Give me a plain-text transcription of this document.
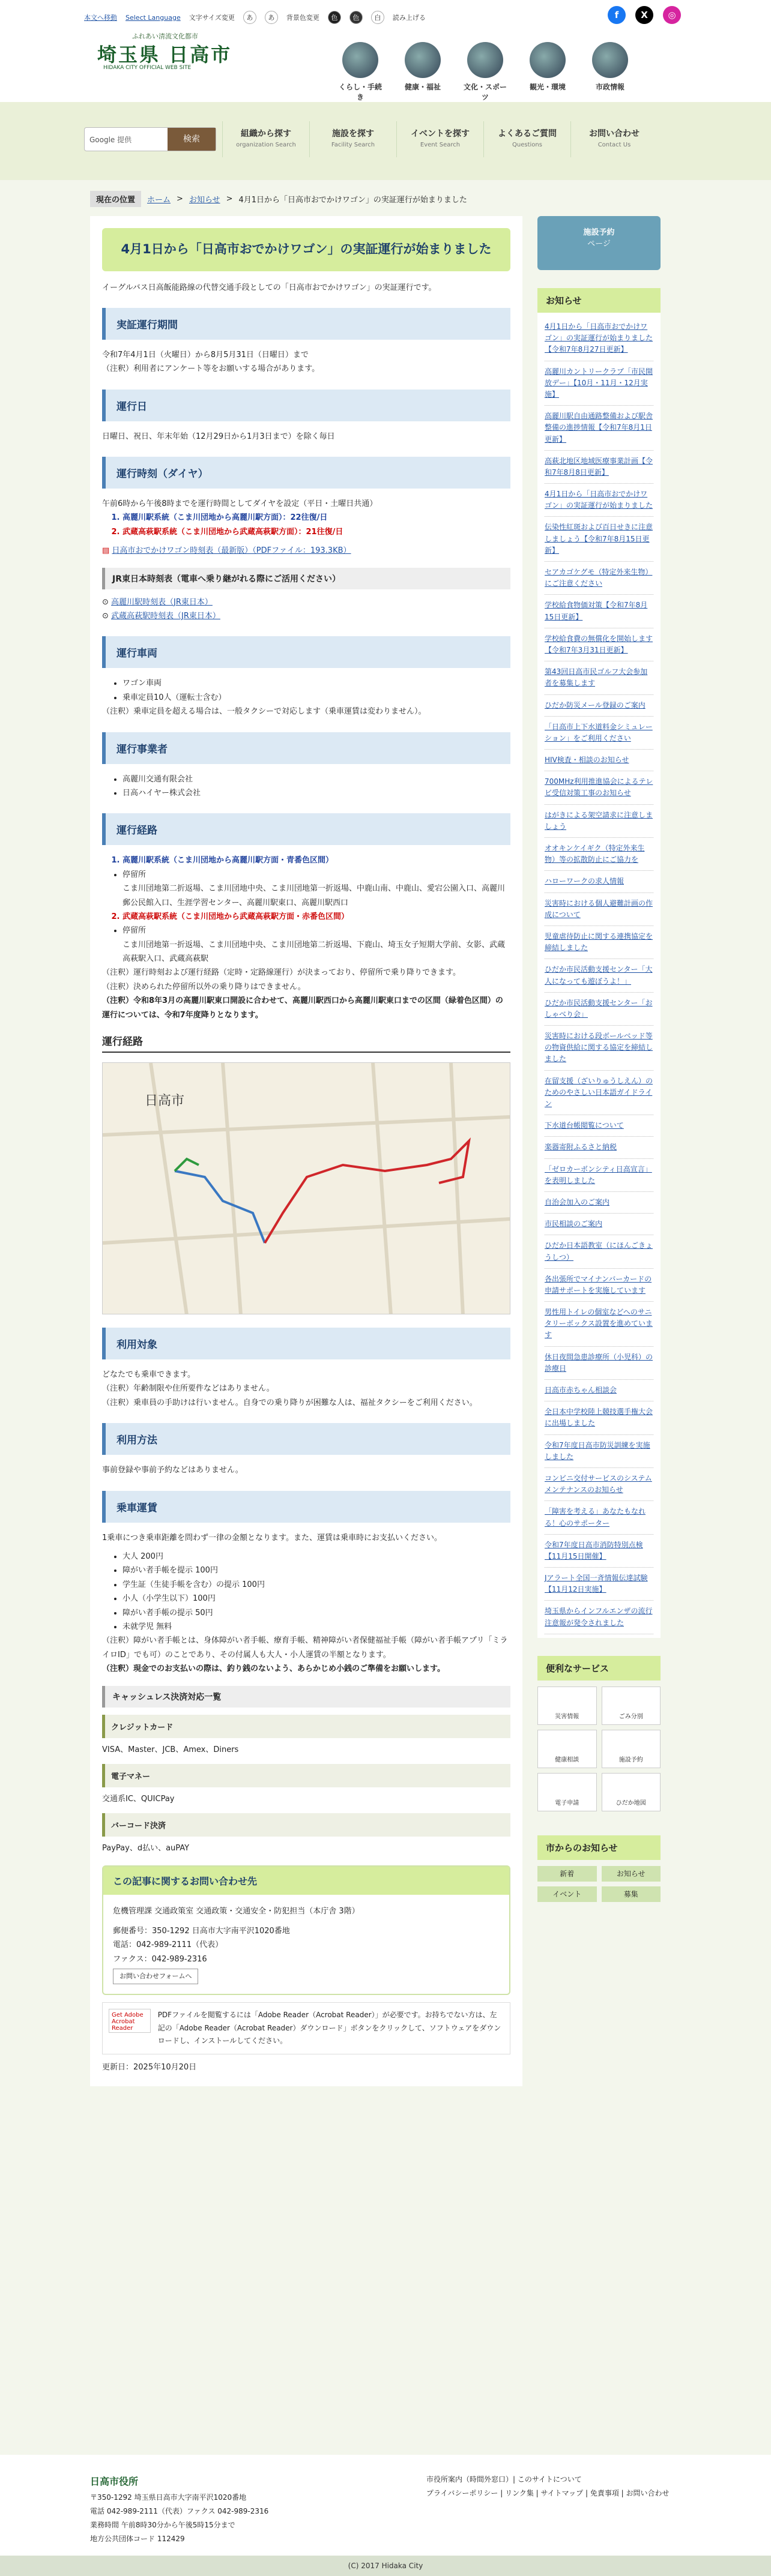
本文へ移動 Select Language 文字サイズ変更	あ	あ	背景色変更	色	色	白	読み上げる	f	X	◎
ふれあい清流文化都市
埼玉県 日高市
HIDAKA CITY OFFICIAL WEB SITE
くらし・手続き
健康・福祉	文化・スポーツ
観光・環境	市政情報
Google 提供	検索
組織から探す
organization Search
施設を探す
Facility Search
イベントを探す
Event Search
よくあるご質問
Questions
お問い合わせ
Contact Us
現在の位置	ホーム > お知らせ > 4月1日から「日高市おでかけワゴン」の実証運行が始まりました
4月1日から「日高市おでかけワゴン」の実証運行が始まりました

イーグルバス日高飯能路線の代替交通手段としての「日高市おでかけワゴン」の実証運行です。

実証運行期間

令和7年4月1日（火曜日）から8月5月31日（日曜日）まで

（注釈）利用者にアンケート等をお願いする場合があります。

運行日

日曜日、祝日、年末年始（12月29日から1月3日まで）を除く毎日

運行時刻（ダイヤ）

午前6時から午後8時までを運行時間としてダイヤを設定（平日・土曜日共通）

1. 高麗川駅系統（こま川団地から高麗川駅方面）：22往復/日
2. 武蔵高萩駅系統（こま川団地から武蔵高萩駅方面）：21往復/日

▤ 日高市おでかけワゴン時刻表（最新版）（PDFファイル：193.3KB）

JR東日本時刻表（電車へ乗り継がれる際にご活用ください）

⊙ 高麗川駅時刻表（JR東日本）

⊙ 武蔵高萩駅時刻表（JR東日本）

運行車両
• ワゴン車両
• 乗車定員10人（運転士含む）

（注釈）乗車定員を超える場合は、一般タクシーで対応します（乗車運賃は変わりません）。

運行事業者
• 高麗川交通有限会社
• 日高ハイヤー株式会社
運行経路
1. 高麗川駅系統（こま川団地から高麗川駅方面・青番色区間）
• 停留所

こま川団地第二折返場、こま川団地中央、こま川団地第一折返場、中鹿山南、中鹿山、愛宕公園入口、高麗川郵公民館入口、生涯学習センター、高麗川駅東口、高麗川駅西口

2. 武蔵高萩駅系統（こま川団地から武蔵高萩駅方面・赤番色区間）
• 停留所

こま川団地第一折返場、こま川団地中央、こま川団地第二折返場、下鹿山、埼玉女子短期大学前、女影、武蔵高萩駅入口、武蔵高萩駅

（注釈）運行時刻および運行経路（定時・定路線運行）が決まっており、停留所で乗り降りできます。

（注釈）決められた停留所以外の乗り降りはできません。

（注釈）令和8年3月の高麗川駅東口開設に合わせて、高麗川駅西口から高麗川駅東口までの区間（緑着色区間）の運行については、令和7年度降りとなります。

運行経路
日高市
利用対象

どなたでも乗車できます。

（注釈）年齢制限や住所要件などはありません。

（注釈）乗車員の手助けは行いません。自身での乗り降りが困難な人は、福祉タクシーをご利用ください。

利用方法

事前登録や事前予約などはありません。

乗車運賃

1乗車につき乗車距離を問わず一律の金額となります。また、運賃は乗車時にお支払いください。

• 大人 200円
• 障がい者手帳を提示 100円
• 学生証（生徒手帳を含む）の提示 100円
• 小人（小学生以下）100円
• 障がい者手帳の提示 50円
• 未就学児 無料

（注釈）障がい者手帳とは、身体障がい者手帳、療育手帳、精神障がい者保健福祉手帳（障がい者手帳アプリ「ミライロID」でも可）のことであり、その付属人も大人・小人運賃の半額となります。

（注釈）現金でのお支払いの際は、釣り銭のないよう、あらかじめ小銭のご準備をお願いします。

キャッシュレス決済対応一覧
クレジットカード

VISA、Master、JCB、Amex、Diners

電子マネー

交通系IC、QUICPay

バーコード決済

PayPay、d払い、auPAY

この記事に関するお問い合わせ先

危機管理課 交通政策室 交通政策・交通安全・防犯担当（本庁舎 3階）

郵便番号：350-1292 日高市大字南平沢1020番地

電話：042-989-2111（代表）

ファクス：042-989-2316

お問い合わせフォームへ
Get Adobe Acrobat Reader

PDFファイルを閲覧するには「Adobe Reader（Acrobat Reader）」が必要です。お持ちでない方は、左記の「Adobe Reader（Acrobat Reader）ダウンロード」ボタンをクリックして、ソフトウェアをダウンロードし、インストールしてください。

更新日：2025年10月20日

施設予約
ページ
お知らせ
4月1日から「日高市おでかけワゴン」の実証運行が始まりました【令和7年8月27日更新】
高麗川カントリークラブ「市民開放デー」【10月・11月・12月実施】
高麗川駅自由通路整備および駅舎整備の進捗情報【令和7年8月1日更新】
高萩北地区地域医療事業計画【令和7年8月8日更新】
4月1日から「日高市おでかけワゴン」の実証運行が始まりました
伝染性紅斑および百日せきに注意しましょう【令和7年8月15日更新】
セアカゴケグモ（特定外来生物）にご注意ください
学校給食物価対策【令和7年8月15日更新】
学校給食費の無償化を開始します【令和7年3月31日更新】
第43回日高市民ゴルフ大会参加者を募集します
ひだか防災メール登録のご案内
「日高市上下水道料金シミュレーション」をご利用ください
HIV検査・相談のお知らせ
700MHz利用推進協会によるテレビ受信対策工事のお知らせ
はがきによる架空請求に注意しましょう
オオキンケイギク（特定外来生物）等の拡散防止にご協力を
ハローワークの求人情報
災害時における個人避難計画の作成について
児童虐待防止に関する連携協定を締結しました
ひだか市民活動支援センター「大人になっても遊ぼうよ！」
ひだか市民活動支援センター「おしゃべり会」
災害時における段ボールベッド等の物資供給に関する協定を締結しました
在留支援（ざいりゅうしえん）のためのやさしい日本語ガイドライン
下水道台帳閲覧について
楽器寄附ふるさと納税
「ゼロカーボンシティ日高宣言」を表明しました
自治会加入のご案内
市民相談のご案内
ひだか日本語教室（にほんごきょうしつ）
各出張所でマイナンバーカードの申請サポートを実施しています
男性用トイレの個室などへのサニタリーボックス設置を進めています
休日夜間急患診療所（小児科）の診療日
日高市赤ちゃん相談会
全日本中学校陸上競技選手権大会に出場しました
令和7年度日高市防災訓練を実施しました
コンビニ交付サービスのシステムメンテナンスのお知らせ
「障害を考える」あなたもなれる！心のサポーター
令和7年度日高市消防特別点検【11月15日開催】
Jアラート全国一斉情報伝達試験【11月12日実施】
埼玉県からインフルエンザの流行注意報が発令されました
便利なサービス
災害情報	ごみ分別
健康相談	施設予約
電子申請	ひだか地図
市からのお知らせ
新着	お知らせ
イベント	募集
日高市役所
〒350-1292 埼玉県日高市大字南平沢1020番地
電話 042-989-2111（代表）ファクス 042-989-2316
業務時間 午前8時30分から午後5時15分まで
地方公共団体コード 112429
市役所案内（時間外窓口）| このサイトについて
プライバシーポリシー | リンク集 | サイトマップ | 免責事項 | お問い合わせ
(C) 2017 Hidaka City
